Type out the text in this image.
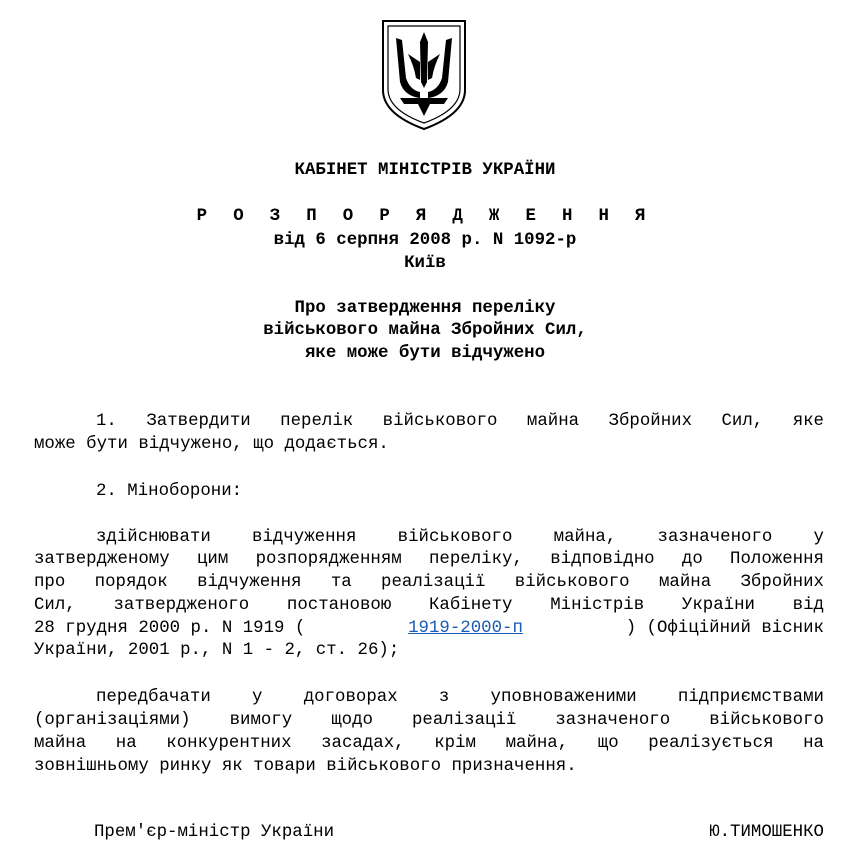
КАБІНЕТ МІНІСТРІВ УКРАЇНИ
Р О З П О Р Я Д Ж Е Н Н Я
від 6 серпня 2008 р. N 1092-р
Київ
Про затвердження переліку
військового майна Збройних Сил,
яке може бути відчужено
1. Затвердити перелік військового майна Збройних Сил, яке
може бути відчужено, що додається.
2. Міноборони:
здійснювати відчуження військового майна, зазначеного у
затвердженому цим розпорядженням переліку, відповідно до Положення
про порядок відчуження та реалізації військового майна Збройних
Сил, затвердженого постановою Кабінету Міністрів України від
28 грудня 2000 р. N 1919 (	1919-2000-п	) (Офіційний вісник
України, 2001 р., N 1 - 2, ст. 26);
передбачати у договорах з уповноваженими підприємствами
(організаціями) вимогу щодо реалізації зазначеного військового
майна на конкурентних засадах, крім майна, що реалізується на
зовнішньому ринку як товари військового призначення.
Прем'єр-міністр України	Ю.ТИМОШЕНКО
